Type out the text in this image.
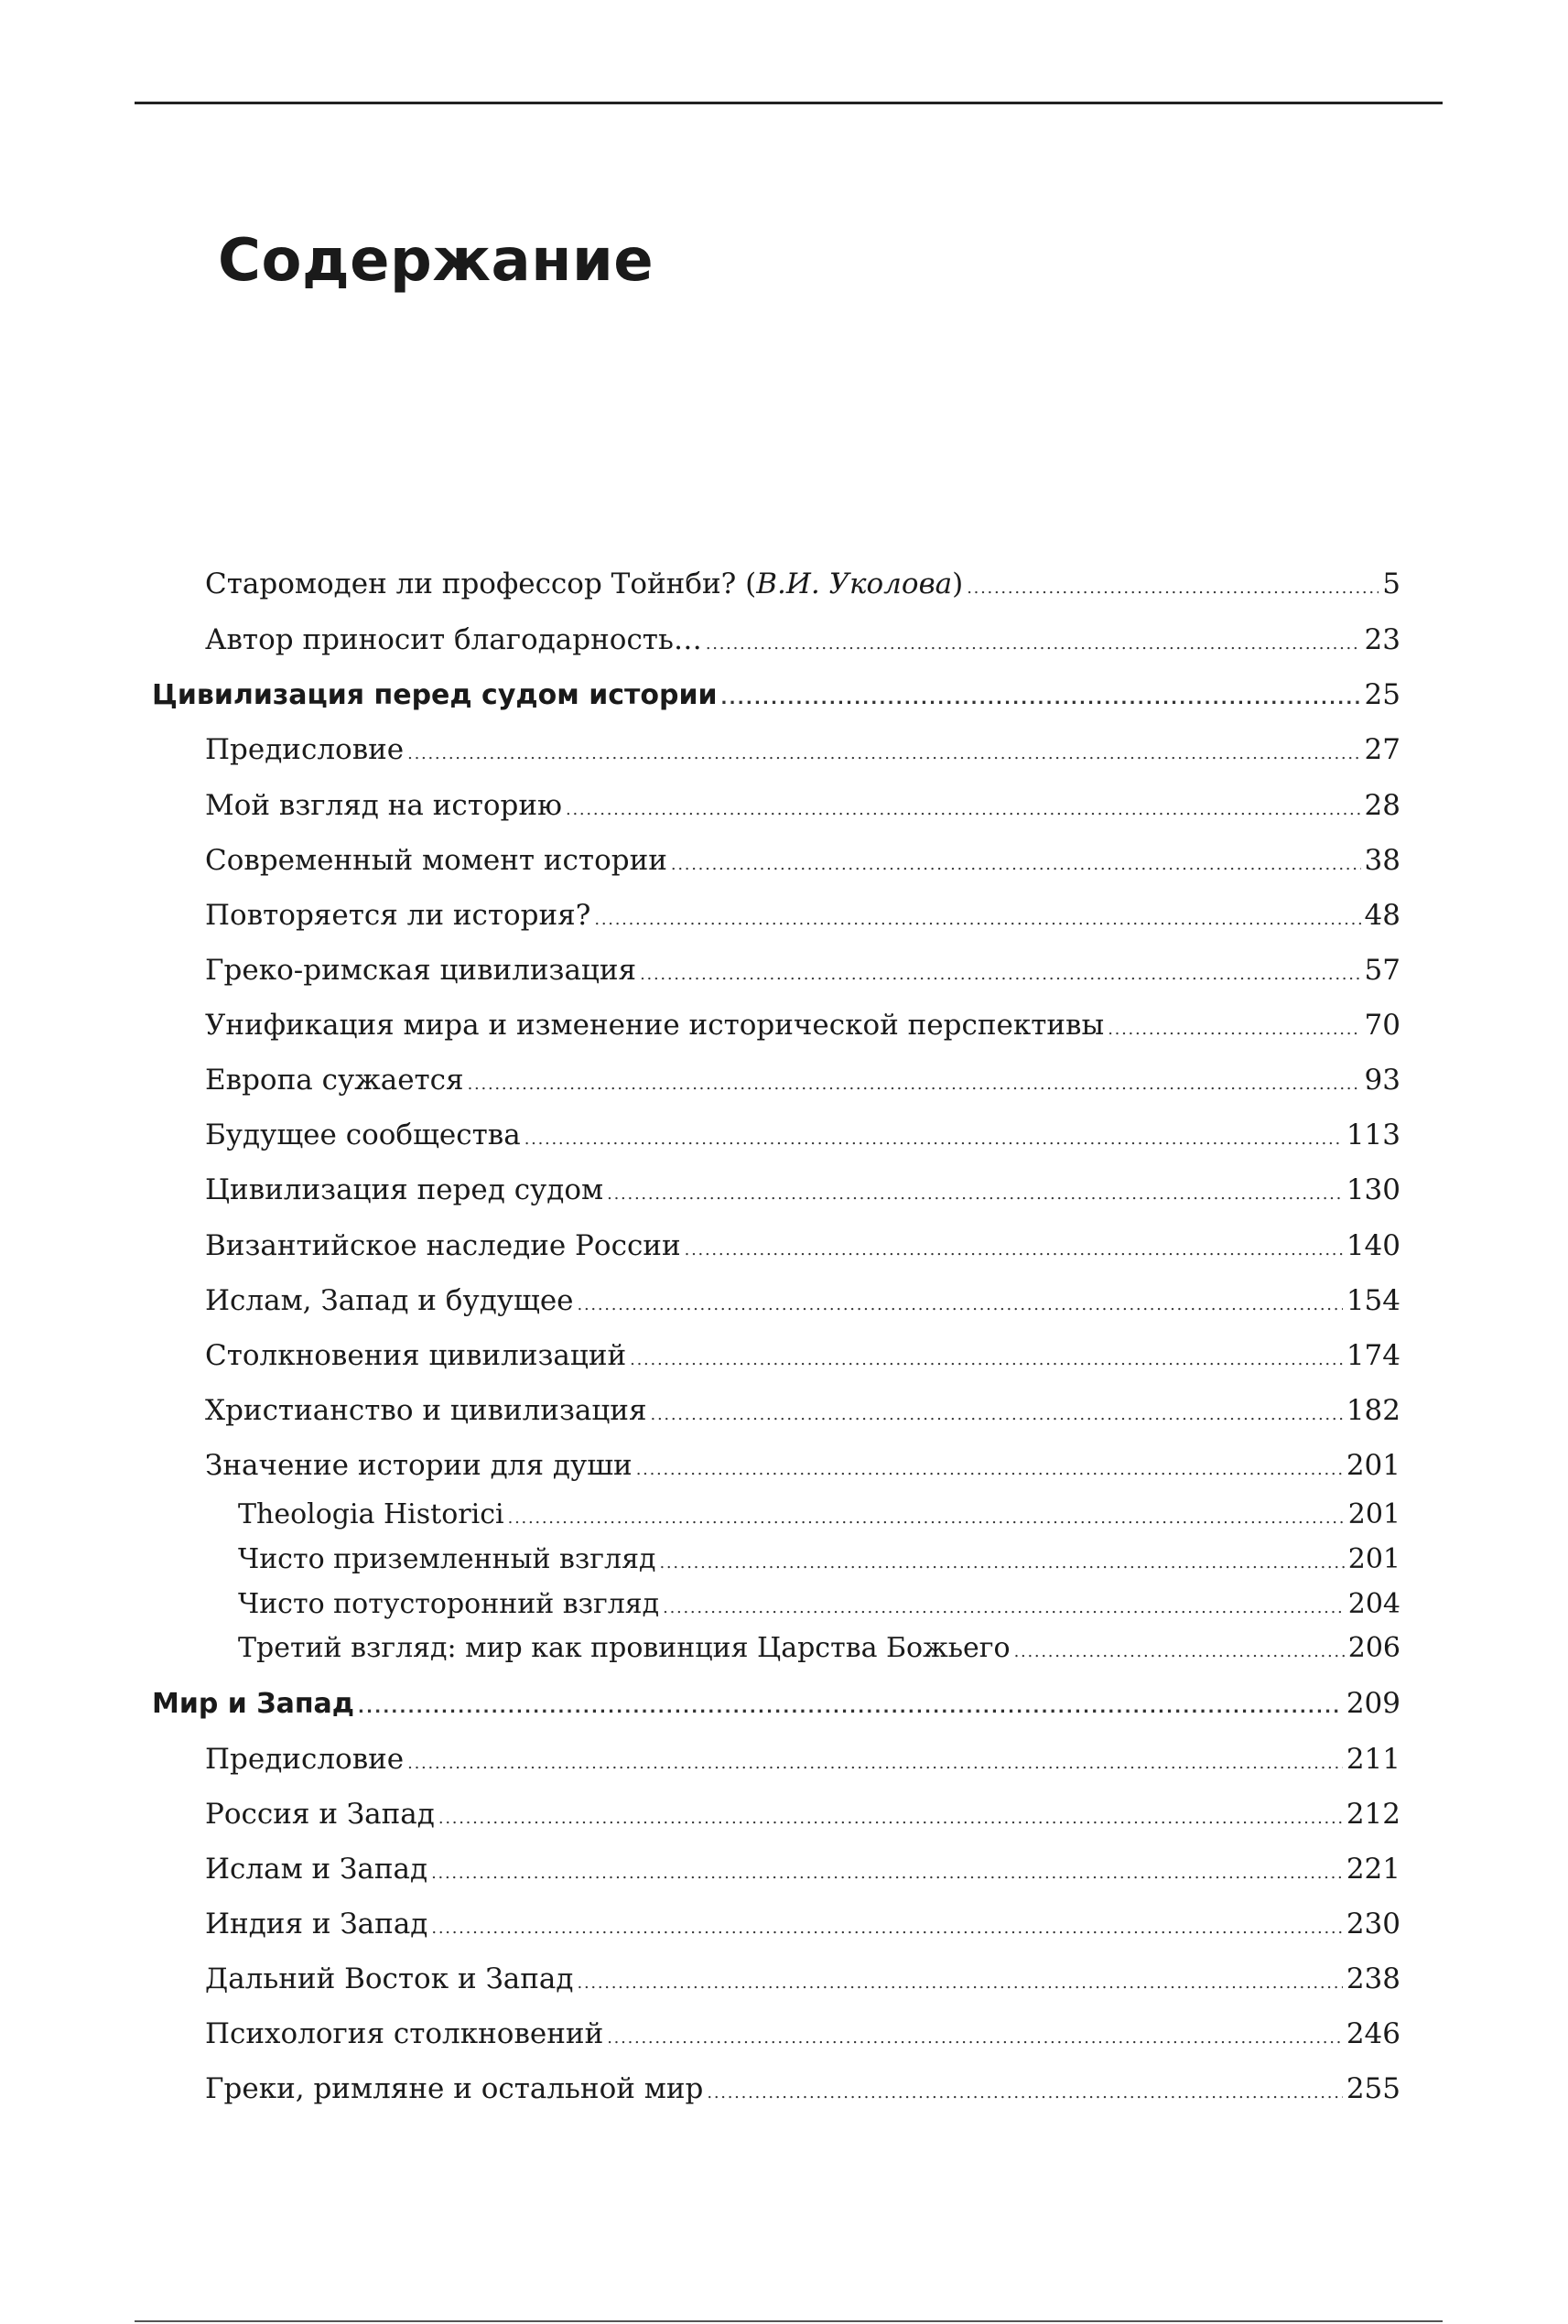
Содержание
Старомоден ли профессор Тойнби? (В.И. Уколова) . . .	5
Автор приносит благодарность… . . .	23
Цивилизация перед судом истории . . .	25
Предисловие . . .	27
Мой взгляд на историю . . .	28
Современный момент истории . . .	38
Повторяется ли история? . . .	48
Греко-римская цивилизация . . .	57
Унификация мира и изменение исторической перспективы . . .	70
Европа сужается . . .	93
Будущее сообщества . . .	113
Цивилизация перед судом . . .	130
Византийское наследие России . . .	140
Ислам, Запад и будущее . . .	154
Столкновения цивилизаций . . .	174
Христианство и цивилизация . . .	182
Значение истории для души . . .	201
Theologia Historici . . .	201
Чисто приземленный взгляд . . .	201
Чисто потусторонний взгляд . . .	204
Третий взгляд: мир как провинция Царства Божьего . . .	206
Мир и Запад . . .	209
Предисловие . . .	211
Россия и Запад . . .	212
Ислам и Запад . . .	221
Индия и Запад . . .	230
Дальний Восток и Запад . . .	238
Психология столкновений . . .	246
Греки, римляне и остальной мир . . .	255
